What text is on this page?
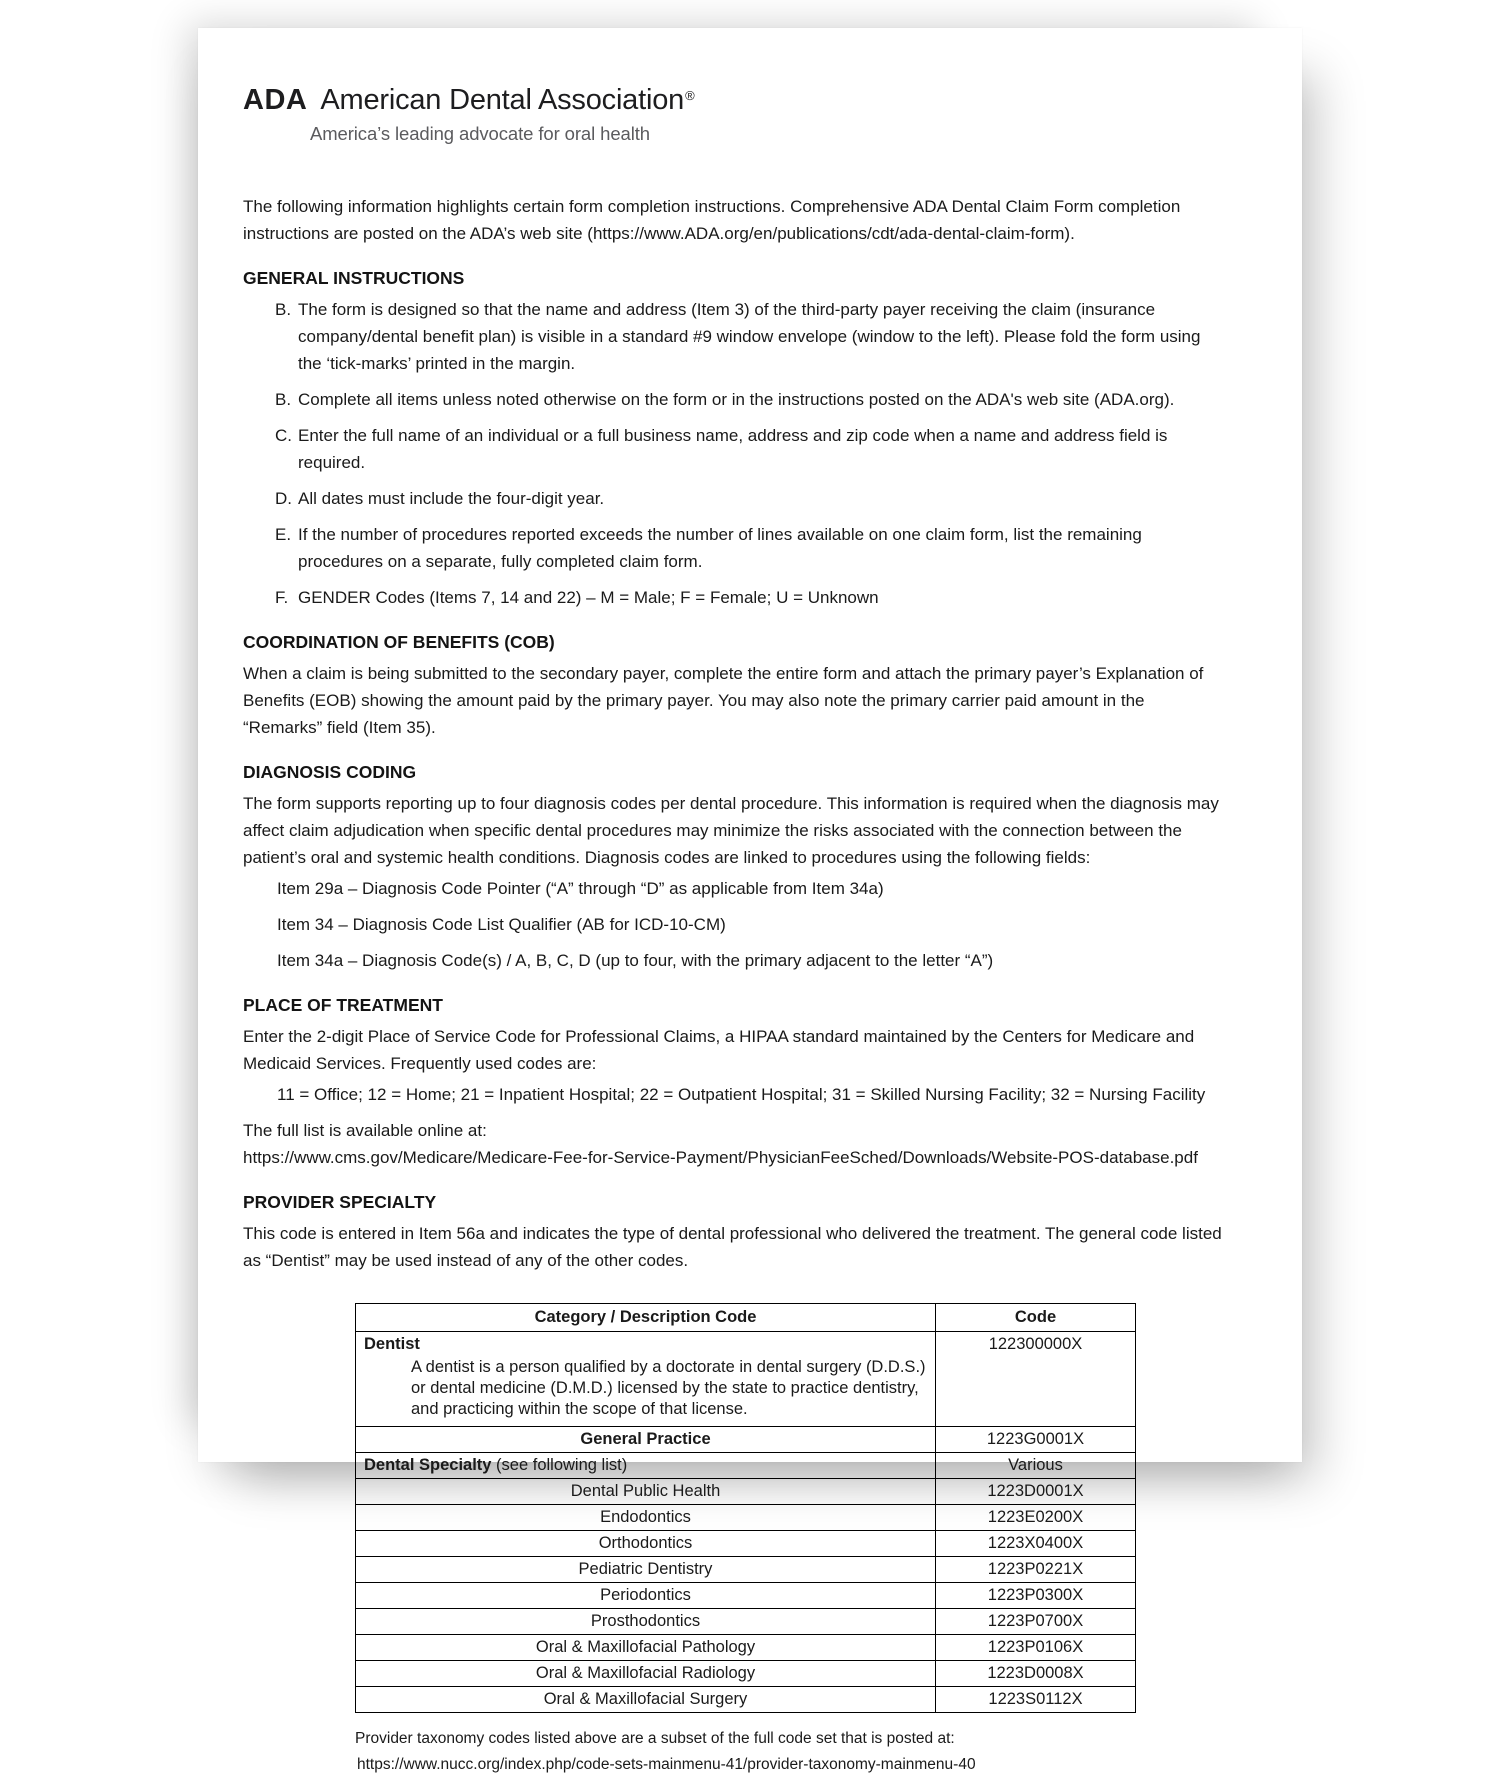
ADA American Dental Association®
America’s leading advocate for oral health

The following information highlights certain form completion instructions. Comprehensive ADA Dental Claim Form completion instructions are posted on the ADA’s web site (https://www.ADA.org/en/publications/cdt/ada-dental-claim-form).

GENERAL INSTRUCTIONS
B. The form is designed so that the name and address (Item 3) of the third-party payer receiving the claim (insurance company/dental benefit plan) is visible in a standard #9 window envelope (window to the left). Please fold the form using the ‘tick-marks’ printed in the margin.
B. Complete all items unless noted otherwise on the form or in the instructions posted on the ADA's web site (ADA.org).
C. Enter the full name of an individual or a full business name, address and zip code when a name and address field is required.
D. All dates must include the four-digit year.
E. If the number of procedures reported exceeds the number of lines available on one claim form, list the remaining procedures on a separate, fully completed claim form.
F. GENDER Codes (Items 7, 14 and 22) – M = Male; F = Female; U = Unknown
COORDINATION OF BENEFITS (COB)

When a claim is being submitted to the secondary payer, complete the entire form and attach the primary payer’s Explanation of Benefits (EOB) showing the amount paid by the primary payer. You may also note the primary carrier paid amount in the “Remarks” field (Item 35).

DIAGNOSIS CODING

The form supports reporting up to four diagnosis codes per dental procedure. This information is required when the diagnosis may affect claim adjudication when specific dental procedures may minimize the risks associated with the connection between the patient’s oral and systemic health conditions. Diagnosis codes are linked to procedures using the following fields:

Item 29a – Diagnosis Code Pointer (“A” through “D” as applicable from Item 34a)
Item 34 – Diagnosis Code List Qualifier (AB for ICD-10-CM)
Item 34a – Diagnosis Code(s) / A, B, C, D (up to four, with the primary adjacent to the letter “A”)
PLACE OF TREATMENT

Enter the 2-digit Place of Service Code for Professional Claims, a HIPAA standard maintained by the Centers for Medicare and Medicaid Services. Frequently used codes are:

11 = Office; 12 = Home; 21 = Inpatient Hospital; 22 = Outpatient Hospital; 31 = Skilled Nursing Facility; 32 = Nursing Facility

The full list is available online at:

https://www.cms.gov/Medicare/Medicare-Fee-for-Service-Payment/PhysicianFeeSched/Downloads/Website-POS-database.pdf

PROVIDER SPECIALTY

This code is entered in Item 56a and indicates the type of dental professional who delivered the treatment. The general code listed as “Dentist” may be used instead of any of the other codes.

Category / Description Code	Code

Dentist
A dentist is a person qualified by a doctorate in dental surgery (D.D.S.) or dental medicine (D.M.D.) licensed by the state to practice dentistry, and practicing within the scope of that license.	122300000X
General Practice	1223G0001X
Dental Specialty (see following list)	Various
Dental Public Health	1223D0001X
Endodontics	1223E0200X
Orthodontics	1223X0400X
Pediatric Dentistry	1223P0221X
Periodontics	1223P0300X
Prosthodontics	1223P0700X
Oral & Maxillofacial Pathology	1223P0106X
Oral & Maxillofacial Radiology	1223D0008X
Oral & Maxillofacial Surgery	1223S0112X
Provider taxonomy codes listed above are a subset of the full code set that is posted at:
https://www.nucc.org/index.php/code-sets-mainmenu-41/provider-taxonomy-mainmenu-40
